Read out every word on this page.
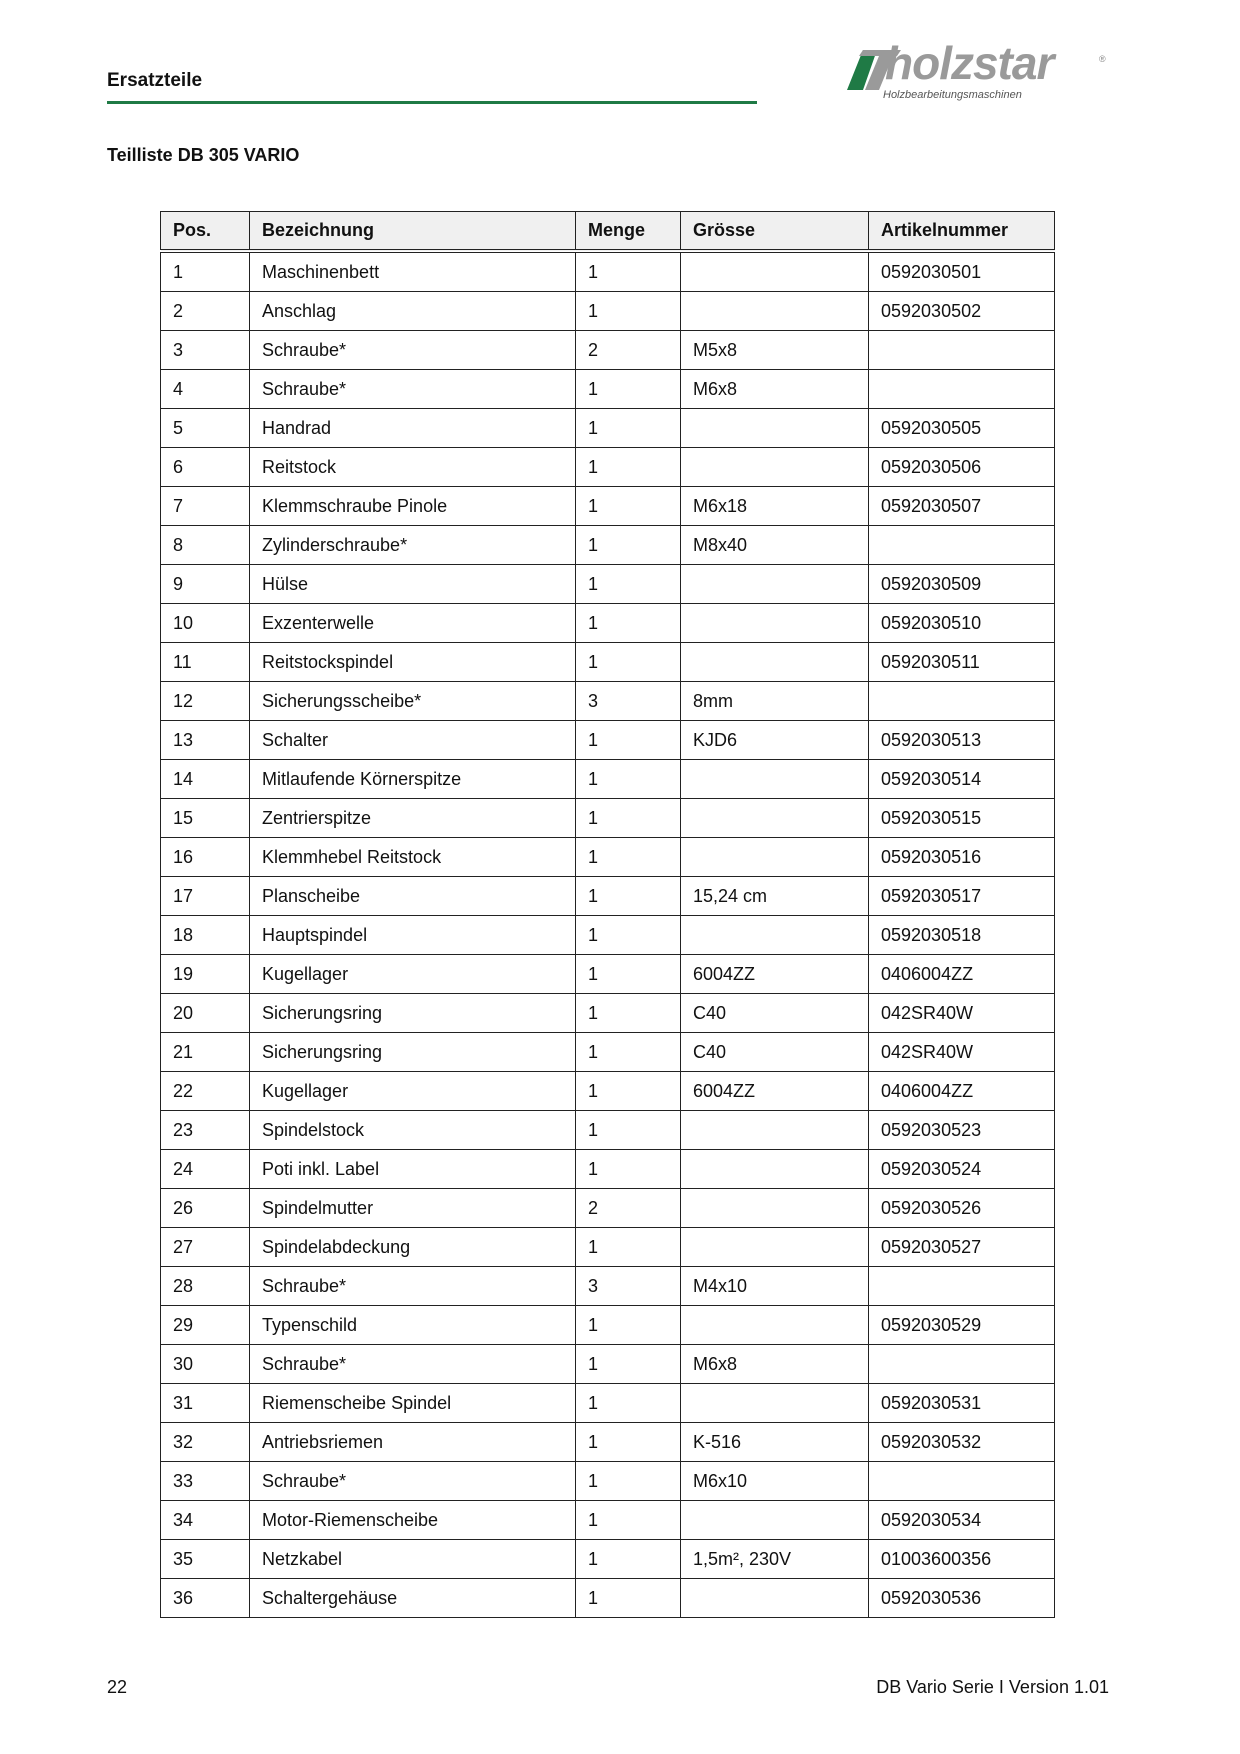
Ersatzteile	holzstar	®
Holzbearbeitungsmaschinen
Teilliste DB 305 VARIO
Pos.	Bezeichnung	Menge	Grösse	Artikelnummer
1	Maschinenbett	1		0592030501
2	Anschlag	1		0592030502
3	Schraube*	2	M5x8	
4	Schraube*	1	M6x8	
5	Handrad	1		0592030505
6	Reitstock	1		0592030506
7	Klemmschraube Pinole	1	M6x18	0592030507
8	Zylinderschraube*	1	M8x40	
9	Hülse	1		0592030509
10	Exzenterwelle	1		0592030510
11	Reitstockspindel	1		0592030511
12	Sicherungsscheibe*	3	8mm	
13	Schalter	1	KJD6	0592030513
14	Mitlaufende Körnerspitze	1		0592030514
15	Zentrierspitze	1		0592030515
16	Klemmhebel Reitstock	1		0592030516
17	Planscheibe	1	15,24 cm	0592030517
18	Hauptspindel	1		0592030518
19	Kugellager	1	6004ZZ	0406004ZZ
20	Sicherungsring	1	C40	042SR40W
21	Sicherungsring	1	C40	042SR40W
22	Kugellager	1	6004ZZ	0406004ZZ
23	Spindelstock	1		0592030523
24	Poti inkl. Label	1		0592030524
26	Spindelmutter	2		0592030526
27	Spindelabdeckung	1		0592030527
28	Schraube*	3	M4x10	
29	Typenschild	1		0592030529
30	Schraube*	1	M6x8	
31	Riemenscheibe Spindel	1		0592030531
32	Antriebsriemen	1	K-516	0592030532
33	Schraube*	1	M6x10	
34	Motor-Riemenscheibe	1		0592030534
35	Netzkabel	1	1,5m², 230V	01003600356
36	Schaltergehäuse	1		0592030536
22	DB Vario Serie I Version 1.01
